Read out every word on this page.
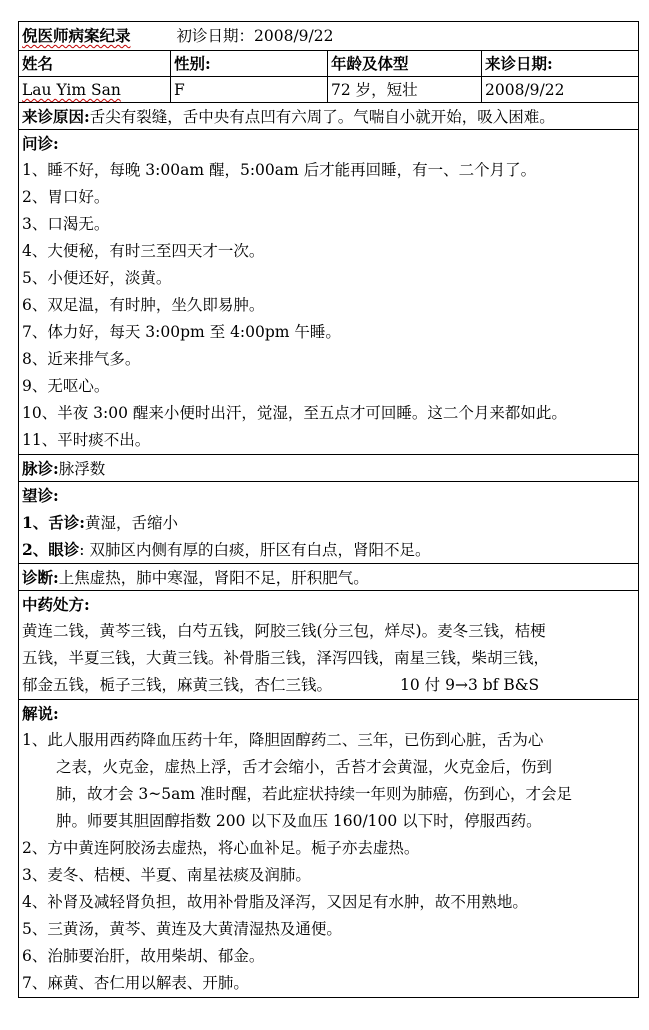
倪医师病案纪录	初诊日期：2008/9/22
姓名	性别:	年龄及体型	来诊日期:
Lau Yim San	F	72 岁，短壮	2008/9/22
来诊原因:舌尖有裂缝，舌中央有点凹有六周了。气喘自小就开始，吸入困难。
问诊:
1、睡不好，每晚 3:00am 醒，5:00am 后才能再回睡，有一、二个月了。
2、胃口好。
3、口渴无。
4、大便秘，有时三至四天才一次。
5、小便还好，淡黄。
6、双足温，有时肿，坐久即易肿。
7、体力好，每天 3:00pm 至 4:00pm 午睡。
8、近来排气多。
9、无呕心。
10、半夜 3:00 醒来小便时出汗，觉湿，至五点才可回睡。这二个月来都如此。
11、平时痰不出。
脉诊:脉浮数
望诊:
1、舌诊:黄湿，舌缩小
2、眼诊: 双肺区内侧有厚的白痰，肝区有白点，肾阳不足。
诊断:上焦虚热，肺中寒湿，肾阳不足，肝积肥气。
中药处方:
黄连二钱，黄芩三钱，白芍五钱，阿胶三钱(分三包，烊尽)。麦冬三钱，桔梗
五钱，半夏三钱，大黄三钱。补骨脂三钱，泽泻四钱，南星三钱，柴胡三钱，
郁金五钱，栀子三钱，麻黄三钱，杏仁三钱。	10 付 9→3 bf B&S
解说:
1、此人服用西药降血压药十年，降胆固醇药二、三年，已伤到心脏，舌为心
之表，火克金，虚热上浮，舌才会缩小，舌苔才会黄湿，火克金后，伤到
肺，故才会 3~5am 准时醒，若此症状持续一年则为肺癌，伤到心，才会足
肿。师要其胆固醇指数 200 以下及血压 160/100 以下时，停服西药。
2、方中黄连阿胶汤去虚热，将心血补足。栀子亦去虚热。
3、麦冬、桔梗、半夏、南星祛痰及润肺。
4、补肾及减轻肾负担，故用补骨脂及泽泻，又因足有水肿，故不用熟地。
5、三黄汤，黄芩、黄连及大黄清湿热及通便。
6、治肺要治肝，故用柴胡、郁金。
7、麻黄、杏仁用以解表、开肺。
